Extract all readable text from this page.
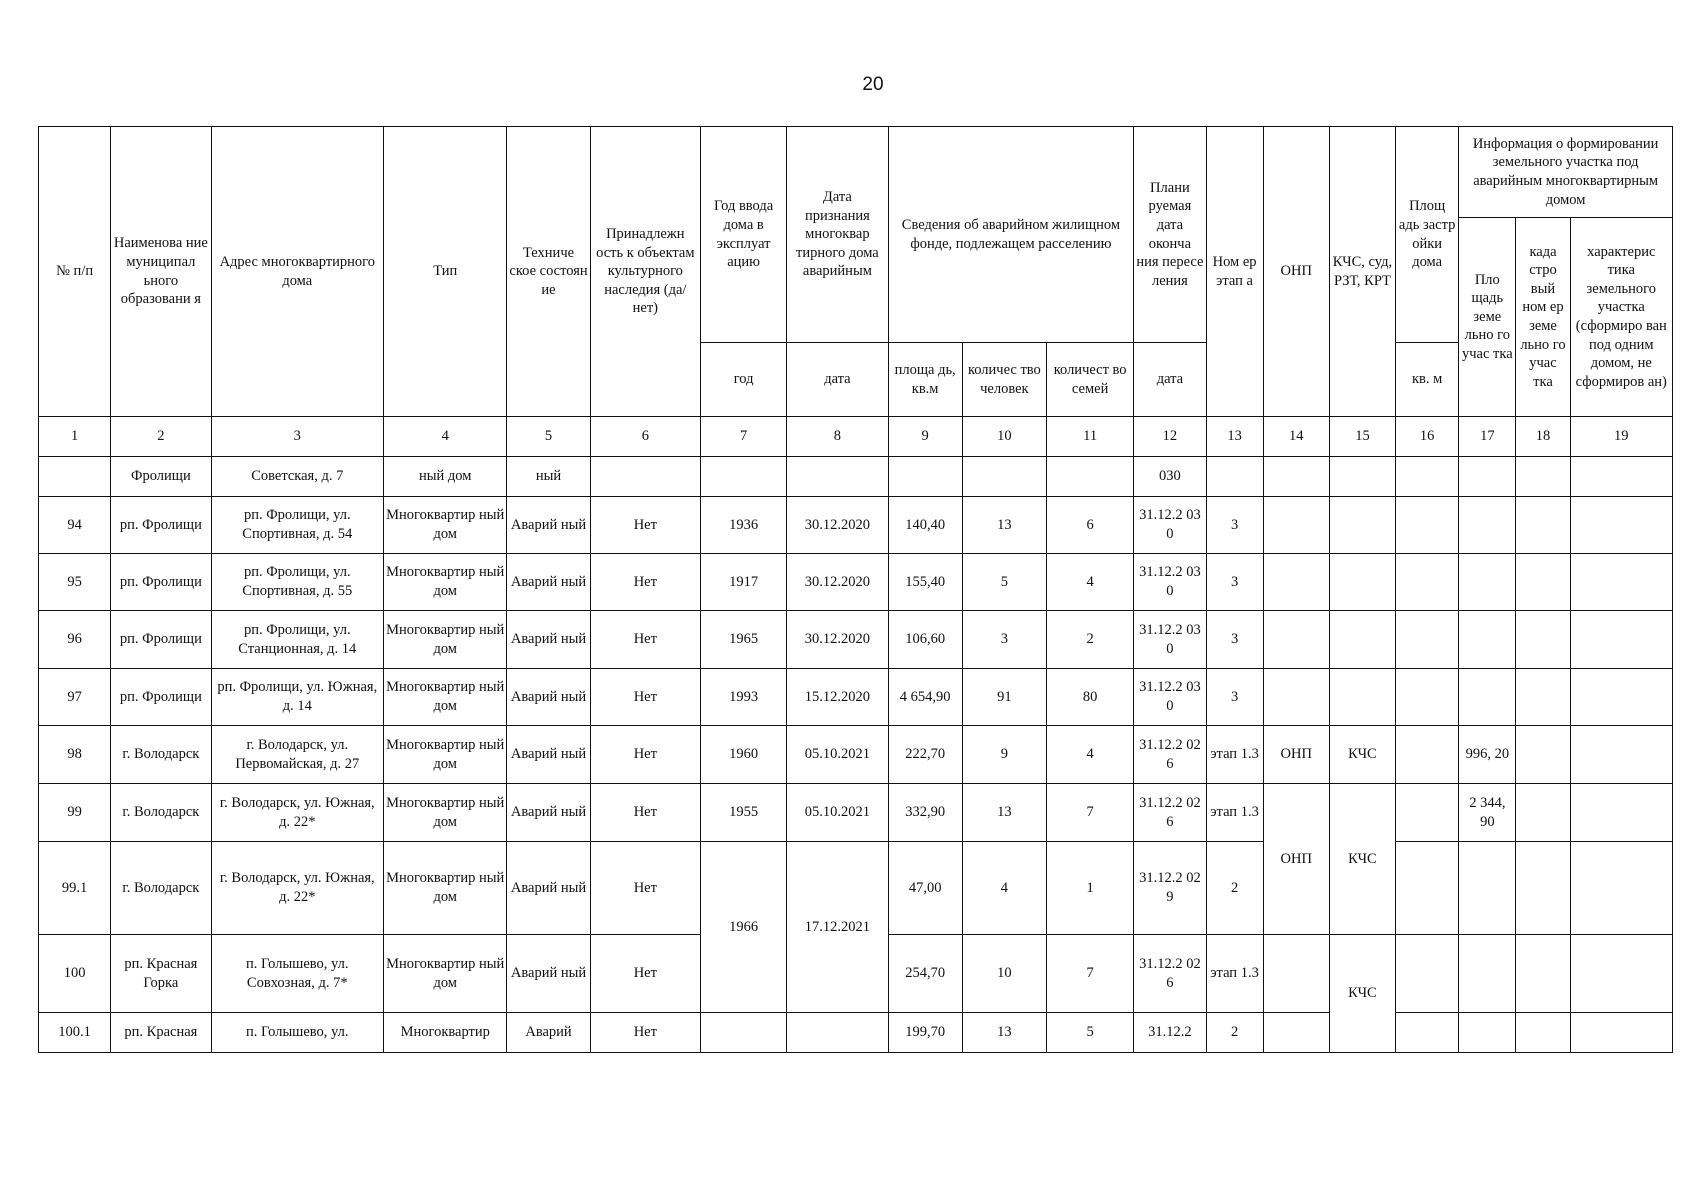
20
№ п/п	Наименова ние муниципал ьного образовани я	Адрес многоквартирного дома	Тип	Техниче ское состоян ие	Принадлежн ость к объектам культурного наследия (да/нет)	Год ввода дома в эксплуат ацию	Дата признания многоквар тирного дома аварийным	Сведения об аварийном жилищном фонде, подлежащем расселению			Плани руемая дата оконча ния пересе ления	Ном ер этап а	ОНП	КЧС, суд, РЗТ, КРТ	Площ адь застр ойки дома	Информация о формировании земельного участка под аварийным многоквартирным домом		
																Пло щадь земе льно го учас тка	када стро вый ном ер земе льно го учас тка	характерис тика земельного участка (сформиро ван под одним домом, не сформиров ан)
						год	дата	площа дь, кв.м	количес тво человек	количест во семей	дата				кв. м			
1	2	3	4	5	6	7	8	9	10	11	12	13	14	15	16	17	18	19
	Фролищи	Советская, д. 7	ный дом	ный							030							
94	рп. Фролищи	рп. Фролищи, ул. Спортивная, д. 54	Многоквартир ный дом	Аварий ный	Нет	1936	30.12.2020	140,40	13	6	31.12.2 030	3						
95	рп. Фролищи	рп. Фролищи, ул. Спортивная, д. 55	Многоквартир ный дом	Аварий ный	Нет	1917	30.12.2020	155,40	5	4	31.12.2 030	3						
96	рп. Фролищи	рп. Фролищи, ул. Станционная, д. 14	Многоквартир ный дом	Аварий ный	Нет	1965	30.12.2020	106,60	3	2	31.12.2 030	3						
97	рп. Фролищи	рп. Фролищи, ул. Южная, д. 14	Многоквартир ный дом	Аварий ный	Нет	1993	15.12.2020	4 654,90	91	80	31.12.2 030	3						
98	г. Володарск	г. Володарск, ул. Первомайская, д. 27	Многоквартир ный дом	Аварий ный	Нет	1960	05.10.2021	222,70	9	4	31.12.2 026	этап 1.3	ОНП	КЧС		996, 20		
99	г. Володарск	г. Володарск, ул. Южная, д. 22*	Многоквартир ный дом	Аварий ный	Нет	1955	05.10.2021	332,90	13	7	31.12.2 026	этап 1.3	ОНП	КЧС		2 344, 90		
99.1	г. Володарск	г. Володарск, ул. Южная, д. 22*	Многоквартир ный дом	Аварий ный	Нет	1966	17.12.2021	47,00	4	1	31.12.2 029	2						
100	рп. Красная Горка	п. Голышево, ул. Совхозная, д. 7*	Многоквартир ный дом	Аварий ный	Нет			254,70	10	7	31.12.2 026	этап 1.3		КЧС				
100.1	рп. Красная	п. Голышево, ул.	Многоквартир	Аварий	Нет			199,70	13	5	31.12.2	2						
